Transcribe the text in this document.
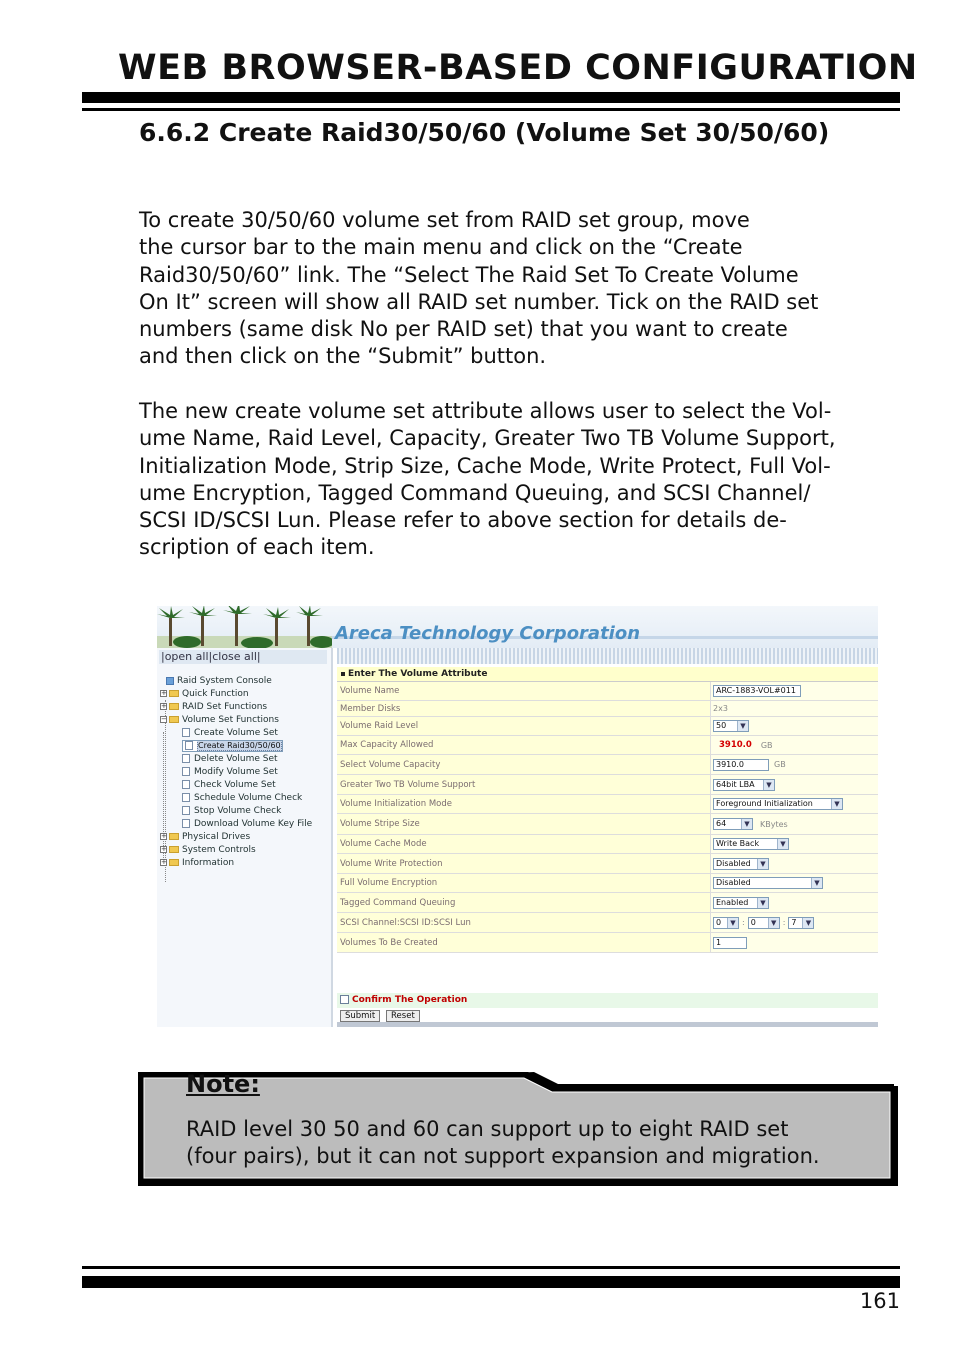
WEB BROWSER-BASED CONFIGURATION
6.6.2 Create Raid30/50/60 (Volume Set 30/50/60)
To create 30/50/60 volume set from RAID set group, move
the cursor bar to the main menu and click on the “Create
Raid30/50/60” link. The “Select The Raid Set To Create Volume
On It” screen will show all RAID set number. Tick on the RAID set
numbers (same disk No per RAID set) that you want to create
and then click on the “Submit” button.
The new create volume set attribute allows user to select the Vol-
ume Name, Raid Level, Capacity, Greater Two TB Volume Support,
Initialization Mode, Strip Size, Cache Mode, Write Protect, Full Vol-
ume Encryption, Tagged Command Queuing, and SCSI Channel/
SCSI ID/SCSI Lun. Please refer to above section for details de-
scription of each item.
Areca Technology Corporation
|open all|close all|
Raid System Console
+ Quick Function
+ RAID Set Functions
− Volume Set Functions
Create Volume Set
Create Raid30/50/60
Delete Volume Set
Modify Volume Set
Check Volume Set
Schedule Volume Check
Stop Volume Check
Download Volume Key File
+ Physical Drives
+ System Controls
+ Information
Enter The Volume Attribute
Volume Name	ARC-1883-VOL#011
Member Disks	2x3
Volume Raid Level	50	▼
Max Capacity Allowed	3910.0 GB
Select Volume Capacity	3910.0	GB
Greater Two TB Volume Support	64bit LBA	▼
Volume Initialization Mode	Foreground Initialization	▼
Volume Stripe Size	64	▼ KBytes
Volume Cache Mode	Write Back	▼
Volume Write Protection	Disabled	▼
Full Volume Encryption	Disabled	▼
Tagged Command Queuing	Enabled	▼
SCSI Channel:SCSI ID:SCSI Lun	0	▼ : 0	▼ : 7	▼
Volumes To Be Created	1
Confirm The Operation
Submit Reset
Note:
RAID level 30 50 and 60 can support up to eight RAID set
(four pairs), but it can not support expansion and migration.
161
